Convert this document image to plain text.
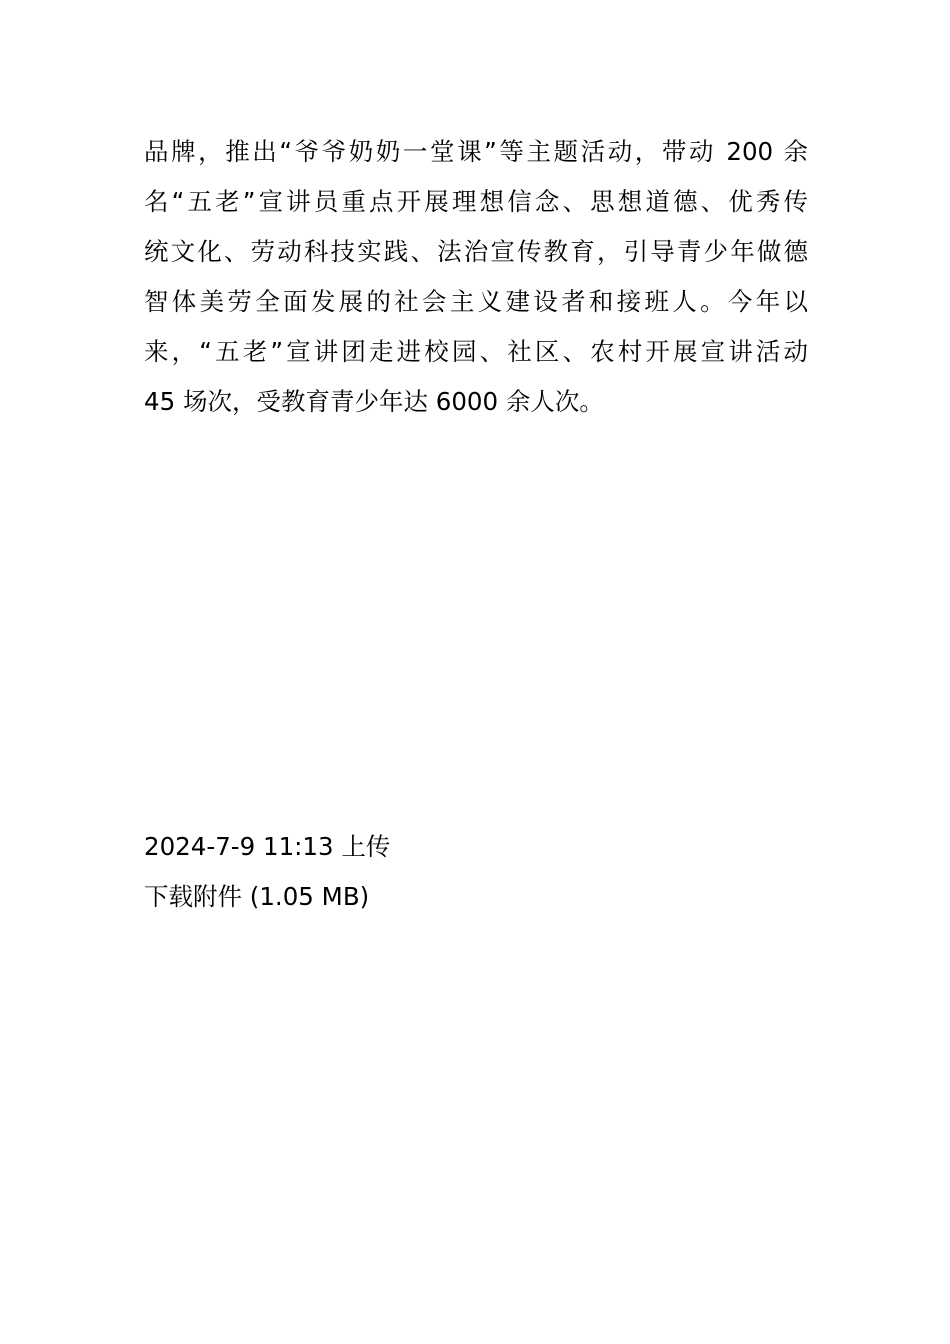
品牌，推出“爷爷奶奶一堂课”等主题活动，带动 200 余
名“五老”宣讲员重点开展理想信念、思想道德、优秀传
统文化、劳动科技实践、法治宣传教育，引导青少年做德
智体美劳全面发展的社会主义建设者和接班人。今年以
来，“五老”宣讲团走进校园、社区、农村开展宣讲活动
45 场次，受教育青少年达 6000 余人次。
2024-7-9 11:13 上传
下载附件 (1.05 MB)
